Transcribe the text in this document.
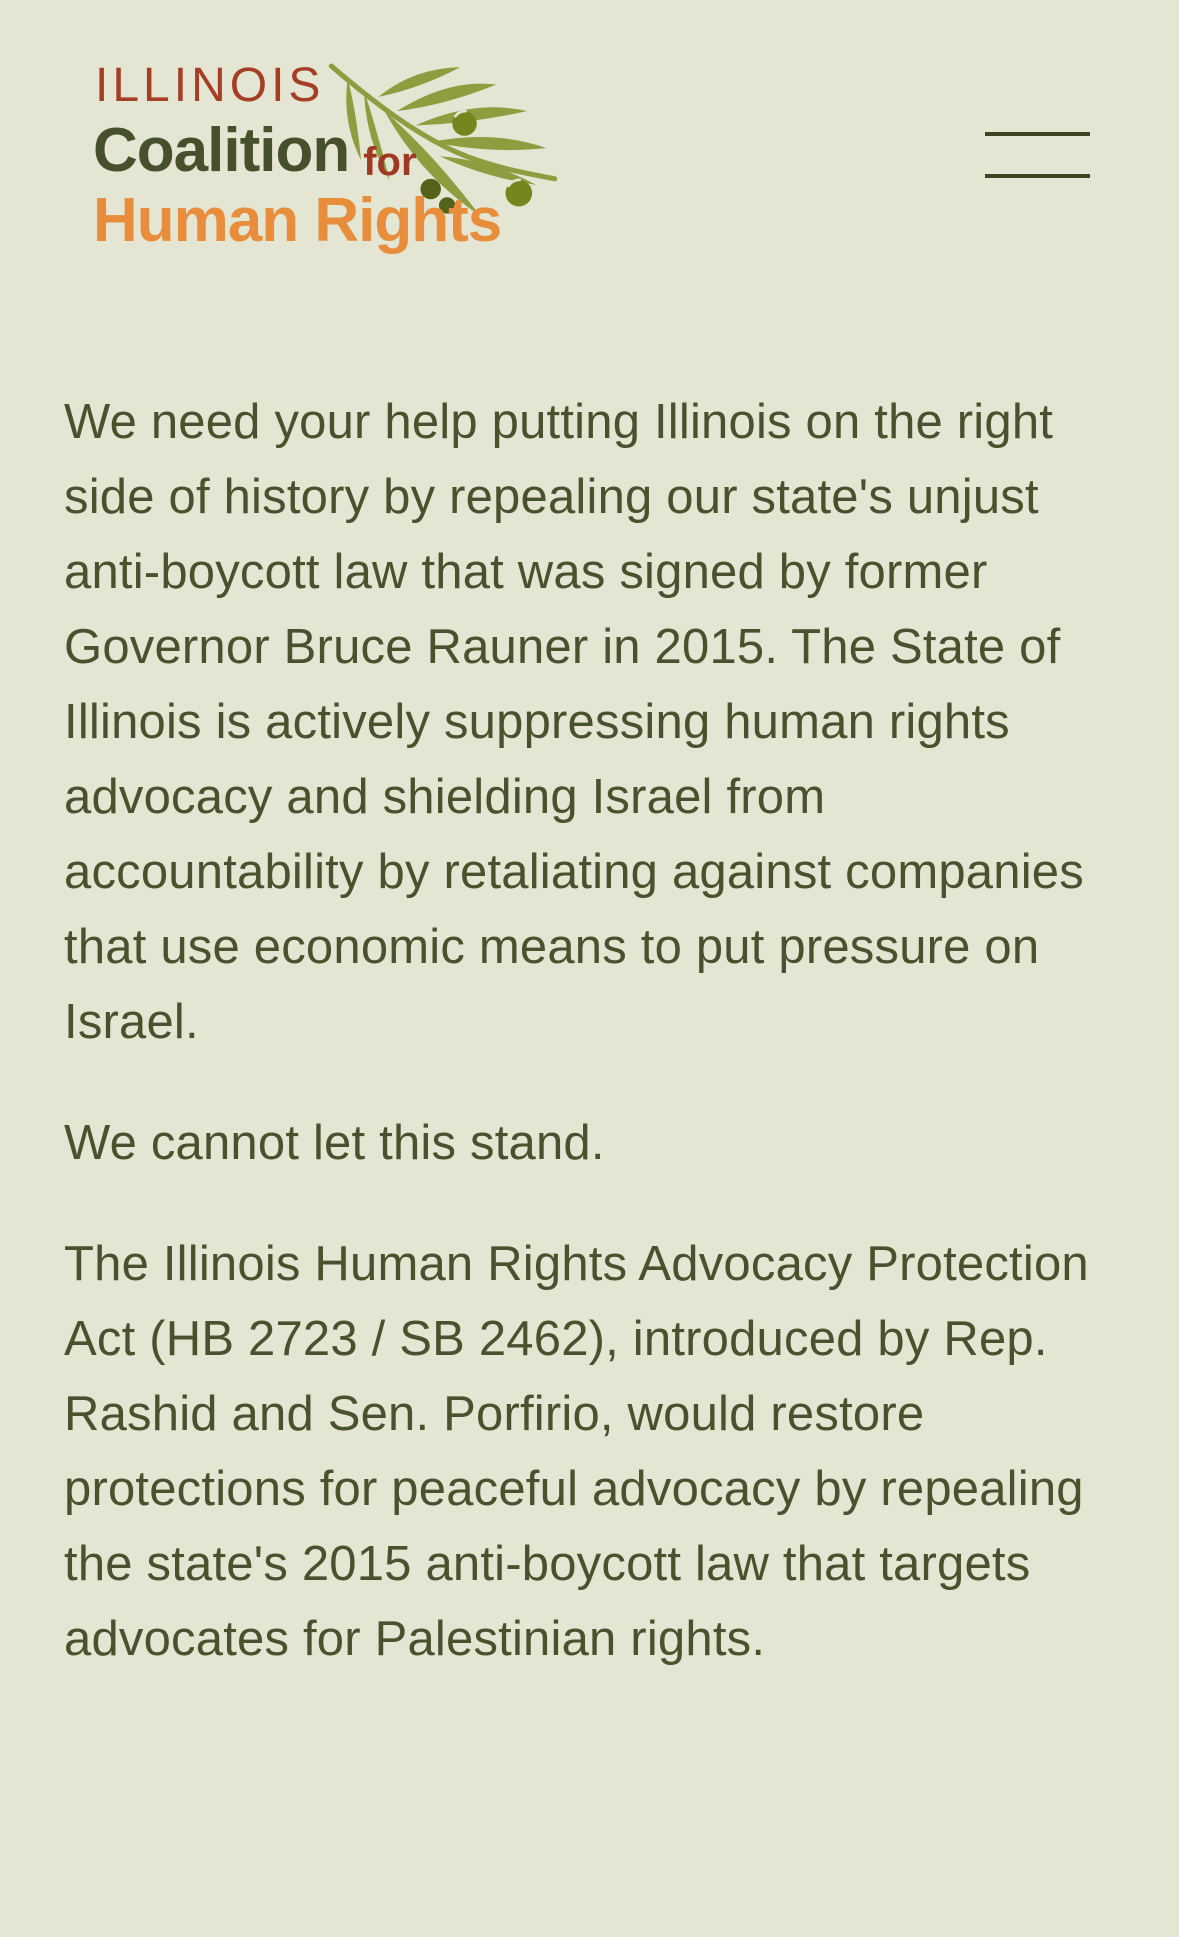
ILLINOIS
Coalition for
Human Rights

We need your help putting Illinois on the right side of history by repealing our state's unjust anti-boycott law that was signed by former Governor Bruce Rauner in 2015. The State of Illinois is actively suppressing human rights advocacy and shielding Israel from accountability by retaliating against companies that use economic means to put pressure on Israel.

We cannot let this stand.

The Illinois Human Rights Advocacy Protection Act (HB 2723 / SB 2462), introduced by Rep. Rashid and Sen. Porfirio, would restore protections for peaceful advocacy by repealing the state's 2015 anti-boycott law that targets advocates for Palestinian rights.
